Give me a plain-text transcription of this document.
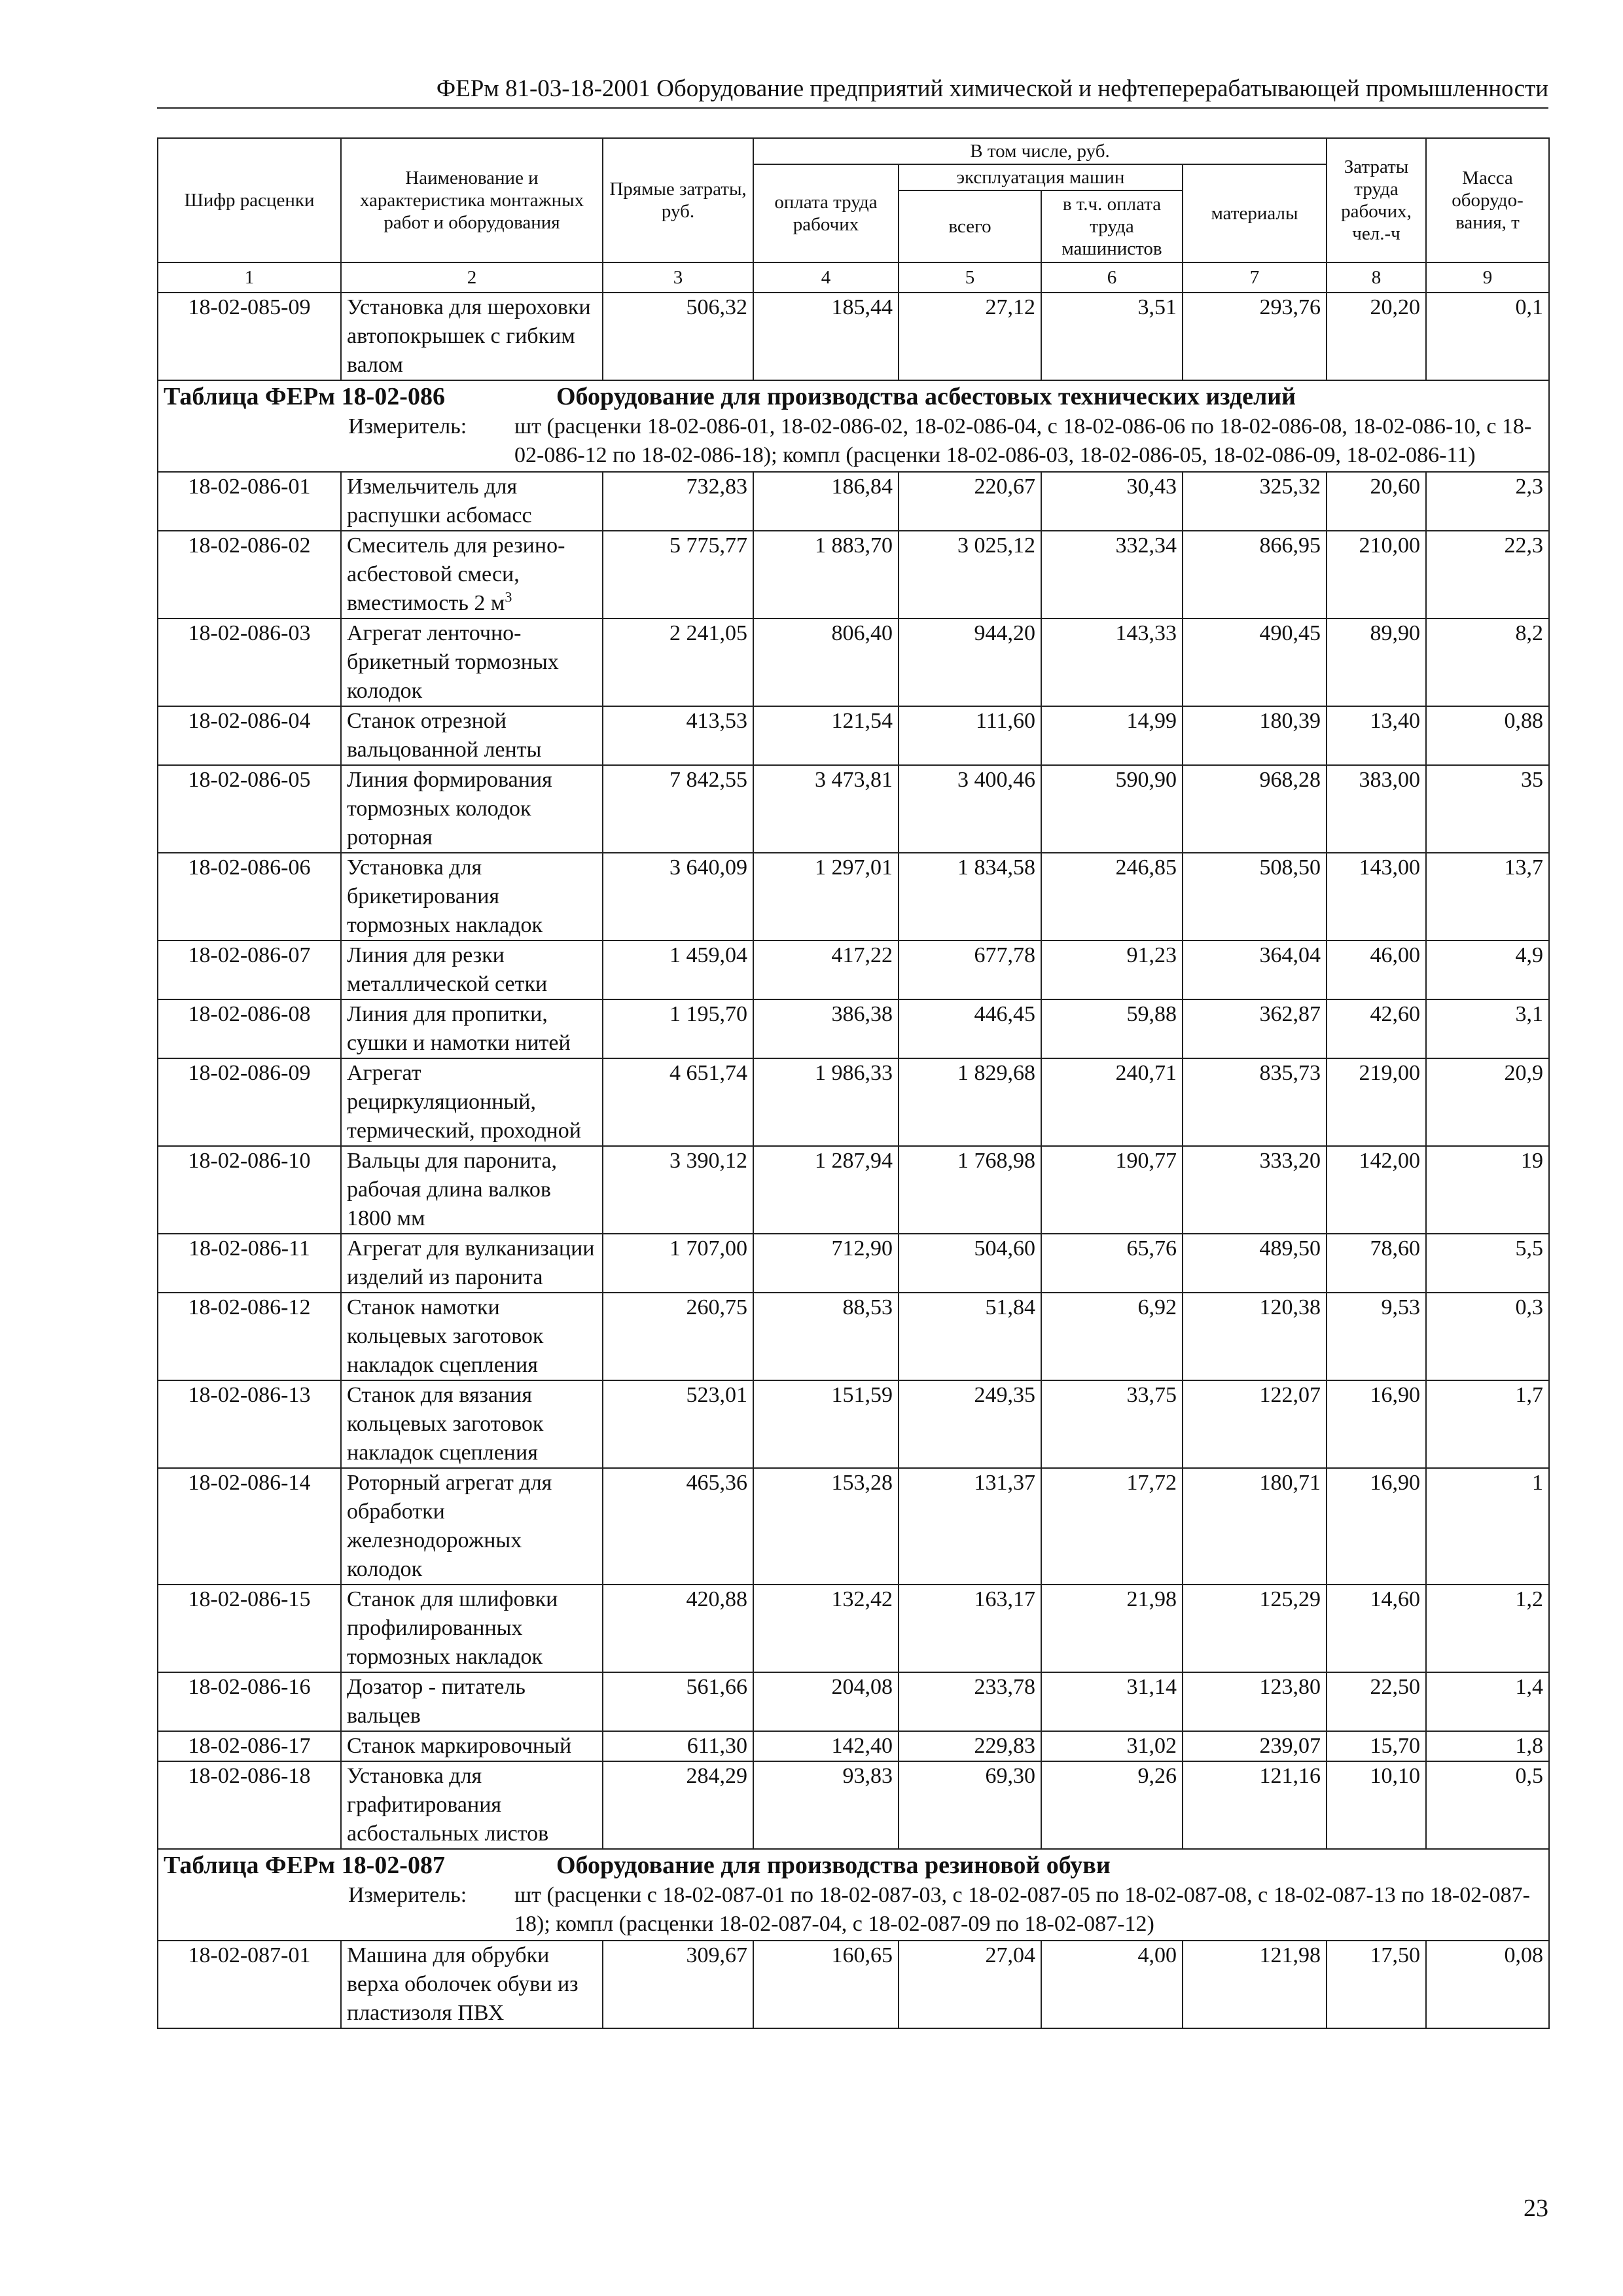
ФЕРм 81-03-18-2001 Оборудование предприятий химической и нефтеперерабатывающей промышленности
Шифр расценки	Наименование и характеристика монтажных работ и оборудования	Прямые затраты, руб.	В том числе, руб.				Затраты труда рабочих, чел.-ч	Масса оборудо-вания, т
			оплата труда рабочих	эксплуатация машин		материалы		
				всего	в т.ч. оплата труда машинистов			
1	2	3	4	5	6	7	8	9
18-02-085-09	Установка для шероховки автопокрышек с гибким валом	506,32	185,44	27,12	3,51	293,76	20,20	0,1

Таблица ФЕРм 18-02-086 Оборудование для производства асбестовых технических изделий
Измеритель: шт (расценки 18-02-086-01, 18-02-086-02, 18-02-086-04, с 18-02-086-06 по 18-02-086-08, 18-02-086-10, с 18-02-086-12 по 18-02-086-18); компл (расценки 18-02-086-03, 18-02-086-05, 18-02-086-09, 18-02-086-11)								

18-02-086-01	Измельчитель для распушки асбомасс	732,83	186,84	220,67	30,43	325,32	20,60	2,3
18-02-086-02	Смеситель для резино-асбестовой смеси, вместимость 2 $м^3$	5 775,77	1 883,70	3 025,12	332,34	866,95	210,00	22,3
18-02-086-03	Агрегат ленточно-брикетный тормозных колодок	2 241,05	806,40	944,20	143,33	490,45	89,90	8,2
18-02-086-04	Станок отрезной вальцованной ленты	413,53	121,54	111,60	14,99	180,39	13,40	0,88
18-02-086-05	Линия формирования тормозных колодок роторная	7 842,55	3 473,81	3 400,46	590,90	968,28	383,00	35
18-02-086-06	Установка для брикетирования тормозных накладок	3 640,09	1 297,01	1 834,58	246,85	508,50	143,00	13,7
18-02-086-07	Линия для резки металлической сетки	1 459,04	417,22	677,78	91,23	364,04	46,00	4,9
18-02-086-08	Линия для пропитки, сушки и намотки нитей	1 195,70	386,38	446,45	59,88	362,87	42,60	3,1
18-02-086-09	Агрегат рециркуляционный, термический, проходной	4 651,74	1 986,33	1 829,68	240,71	835,73	219,00	20,9
18-02-086-10	Вальцы для паронита, рабочая длина валков 1800 мм	3 390,12	1 287,94	1 768,98	190,77	333,20	142,00	19
18-02-086-11	Агрегат для вулканизации изделий из паронита	1 707,00	712,90	504,60	65,76	489,50	78,60	5,5
18-02-086-12	Станок намотки кольцевых заготовок накладок сцепления	260,75	88,53	51,84	6,92	120,38	9,53	0,3
18-02-086-13	Станок для вязания кольцевых заготовок накладок сцепления	523,01	151,59	249,35	33,75	122,07	16,90	1,7
18-02-086-14	Роторный агрегат для обработки железнодорожных колодок	465,36	153,28	131,37	17,72	180,71	16,90	1
18-02-086-15	Станок для шлифовки профилированных тормозных накладок	420,88	132,42	163,17	21,98	125,29	14,60	1,2
18-02-086-16	Дозатор - питатель вальцев	561,66	204,08	233,78	31,14	123,80	22,50	1,4
18-02-086-17	Станок маркировочный	611,30	142,40	229,83	31,02	239,07	15,70	1,8
18-02-086-18	Установка для графитирования асбостальных листов	284,29	93,83	69,30	9,26	121,16	10,10	0,5

Таблица ФЕРм 18-02-087 Оборудование для производства резиновой обуви
Измеритель: шт (расценки с 18-02-087-01 по 18-02-087-03, с 18-02-087-05 по 18-02-087-08, с 18-02-087-13 по 18-02-087-18); компл (расценки 18-02-087-04, с 18-02-087-09 по 18-02-087-12)								

18-02-087-01	Машина для обрубки верха оболочек обуви из пластизоля ПВХ	309,67	160,65	27,04	4,00	121,98	17,50	0,08
23
